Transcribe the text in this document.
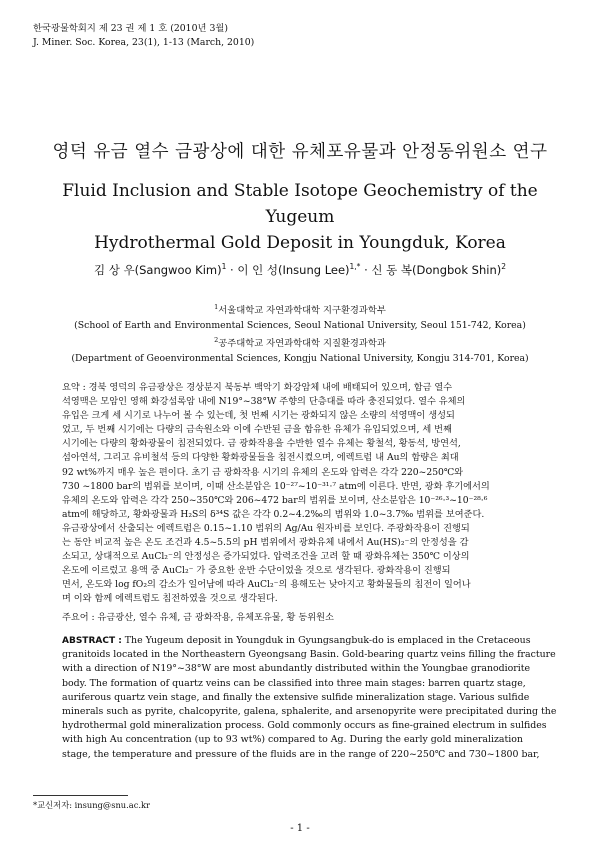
한국광물학회지 제 23 권 제 1 호 (2010년 3월)
J. Miner. Soc. Korea, 23(1), 1-13 (March, 2010)
영덕 유금 열수 금광상에 대한 유체포유물과 안정동위원소 연구
Fluid Inclusion and Stable Isotope Geochemistry of the Yugeum
Hydrothermal Gold Deposit in Youngduk, Korea
김 상 우(Sangwoo Kim)$^1$ · 이 인 성(Insung Lee)$^{1,*}$ · 신 동 복(Dongbok Shin)$^2$
$^1$서울대학교 자연과학대학 지구환경과학부
(School of Earth and Environmental Sciences, Seoul National University, Seoul 151-742, Korea)
$^2$공주대학교 자연과학대학 지질환경과학과
(Department of Geoenvironmental Sciences, Kongju National University, Kongju 314-701, Korea)

요약 : 경북 영덕의 유금광상은 경상분지 북동부 백악기 화강암체 내에 배태되어 있으며, 함금 열수

석영맥은 모암인 영해 화강섬록암 내에 N19°~38°W 주향의 단층대를 따라 충진되었다. 열수 유체의

유입은 크게 세 시기로 나누어 볼 수 있는데, 첫 번째 시기는 광화되지 않은 소량의 석영맥이 생성되

었고, 두 번째 시기에는 다량의 금속원소와 이에 수반된 금을 함유한 유체가 유입되었으며, 세 번째

시기에는 다량의 황화광물이 침전되었다. 금 광화작용을 수반한 열수 유체는 황철석, 황동석, 방연석,

섬아연석, 그리고 유비철석 등의 다양한 황화광물들을 침전시켰으며, 에렉트럼 내 Au의 함량은 최대

92 wt%까지 매우 높은 편이다. 초기 금 광화작용 시기의 유체의 온도와 압력은 각각 220~250℃와

730 ~1800 bar의 범위를 보이며, 이때 산소분압은 10⁻²⁷~10⁻³¹·⁷ atm에 이른다. 반면, 광화 후기에서의

유체의 온도와 압력은 각각 250~350℃와 206~472 bar의 범위를 보이며, 산소분압은 10⁻²⁶·³~10⁻²⁸·⁶

atm에 해당하고, 황화광물과 H₂S의 δ³⁴S 값은 각각 0.2~4.2‰의 범위와 1.0~3.7‰ 범위를 보여준다.

유금광상에서 산출되는 에렉트럼은 0.15~1.10 범위의 Ag/Au 원자비를 보인다. 주광화작용이 진행되

는 동안 비교적 높은 온도 조건과 4.5~5.5의 pH 범위에서 광화유체 내에서 Au(HS)₂⁻의 안정성을 감

소되고, 상대적으로 AuCl₂⁻의 안정성은 증가되었다. 압력조건을 고려 할 때 광화유체는 350℃ 이상의

온도에 이르렀고 용액 중 AuCl₂⁻ 가 중요한 운반 수단이었을 것으로 생각된다. 광화작용이 진행되

면서, 온도와 log fO₂의 감소가 일어남에 따라 AuCl₂⁻의 용해도는 낮아지고 황화물들의 침전이 일어나

며 이와 함께 에렉트럼도 침전하였을 것으로 생각된다.

주요어 : 유금광산, 열수 유체, 금 광화작용, 유체포유물, 황 동위원소

ABSTRACT : The Yugeum deposit in Youngduk in Gyungsangbuk-do is emplaced in the Cretaceous

granitoids located in the Northeastern Gyeongsang Basin. Gold-bearing quartz veins filling the fracture

with a direction of N19°~38°W are most abundantly distributed within the Youngbae granodiorite

body. The formation of quartz veins can be classified into three main stages: barren quartz stage,

auriferous quartz vein stage, and finally the extensive sulfide mineralization stage. Various sulfide

minerals such as pyrite, chalcopyrite, galena, sphalerite, and arsenopyrite were precipitated during the

hydrothermal gold mineralization process. Gold commonly occurs as fine-grained electrum in sulfides

with high Au concentration (up to 93 wt%) compared to Ag. During the early gold mineralization

stage, the temperature and pressure of the fluids are in the range of 220~250℃ and 730~1800 bar,

*교신저자: insung@snu.ac.kr
- 1 -
